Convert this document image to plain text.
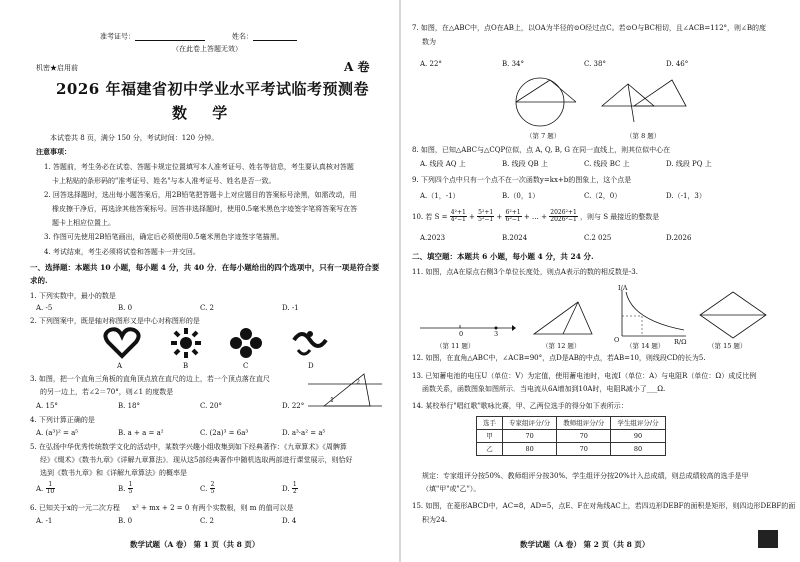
准考证号：	姓名：
（在此卷上答题无效）
机密★启用前	A 卷
2026 年福建省初中学业水平考试临考预测卷
数 学
本试卷共 8 页，满分 150 分，考试时间：120 分钟。
注意事项：
1. 答题前，考生务必在试卷、答题卡规定位置填写本人准考证号、姓名等信息，考生要认真核对答题
卡上粘贴的条形码的"准考证号、姓名"与本人准考证号、姓名是否一致。
2. 回答选择题时，选出每小题答案后，用2B铅笔把答题卡上对应题目的答案标号涂黑，如需改动，用
橡皮擦干净后，再选涂其他答案标号。回答非选择题时，使用0.5毫米黑色字迹签字笔将答案写在答
题卡上相应位置上。
3. 作图可先使用2B铅笔画出，确定后必须使用0.5毫米黑色字迹签字笔描黑。
4. 考试结束，考生必须将试卷和答题卡一并交回。
一、选择题：本题共 10 小题，每小题 4 分，共 40 分．在每小题给出的四个选项中，只有一项是符合要
求的.
1. 下列实数中，最小的数是
A. -5	B. 0	C. 2	D. -1
2. 下列图案中，既是轴对称图形又是中心对称图形的是
A	B	C	D
3. 如图，把一个直角三角板的直角顶点放在直尺的边上，若一个顶点落在直尺
的另一边上，若∠2＝70°，则∠1 的度数是
1
2
A. 15°	B. 18°	C. 20°	D. 22°
4. 下列计算正确的是
A. (a³)² = a⁵	B. a + a = a²	C. (2a)³ = 6a³	D. a³·a² = a⁵
5. 在弘扬中华优秀传统数学文化的活动中，某数学兴趣小组收集到如下经典著作：《九章算术》《周髀算
经》《缀术》《数书九章》《详解九章算法》．现从这5部经典著作中随机选取两部进行课堂展示，则恰好
选到《数书九章》和《详解九章算法》的概率是
A. $\frac{1}{10}$	B. $\frac{1}{5}$	C. $\frac{2}{5}$	D. $\frac{1}{2}$
6. 已知关于x的一元二次方程 x² + mx + 2 = 0 有两个实数根，则 m 的值可以是
A. -1	B. 0	C. 2	D. 4
数学试题（A 卷） 第 1 页（共 8 页）
7. 如图，在△ABC中，点O在AB上，以OA为半径的⊙O经过点C。若⊙O与BC相切，且∠ACB=112°，则∠B的度
数为
A. 22°	B. 34°	C. 38°	D. 46°
（第 7 题）	（第 8 题）
8. 如图，已知△ABC与△CQP位似，点 A, Q, B, G 在同一直线上，则其位似中心在
A. 线段 AQ 上	B. 线段 QB 上	C. 线段 BC 上	D. 线段 PQ 上
9. 下列四个点中只有一个点不在一次函数y=kx+b的图象上，这个点是
A.（1，-1）	B.（0，1）	C.（2，0）	D.（-1，3）
10. 若 $S = \frac{\text{4²+1}}{\text{4²−1}} + \frac{\text{5²+1}}{\text{5²−1}} + \frac{\text{6²+1}}{\text{6²−1}}$ + … + $\frac{\text{2026²+1}}{\text{2026²−1}}$ ，则与 S 最接近的整数是
A.2023	B.2024	C.2 025	D.2026
二、填空题：本题共 6 小题，每小题 4 分，共 24 分.
11. 如图，点A在原点右侧3个单位长度处，则点A表示的数的相反数是-3.
0	3
I/A
R/Ω
O
（第 11 题）	（第 12 题）	（第 14 题）	（第 15 题）
12. 如图，在直角△ABC中，∠ACB=90°，点D是AB的中点，若AB=10，则线段CD的长为5.
13. 已知蓄电池的电压U（单位：V）为定值，使用蓄电池时，电流I（单位：A）与电阻R（单位：Ω）成反比例
函数关系，函数图象如图所示．当电流从6A增加到10A时，电阻R减小了___Ω.
14. 某校举行"唱红歌"歌咏比赛，甲、乙两位选手的得分如下表所示：
选手	专家组评分/分	教师组评分/分	学生组评分/分
甲	70	70	90
乙	80	70	80
规定：专家组评分按50%、教师组评分按30%、学生组评分按20%计入总成绩，则总成绩较高的选手是甲
（填"甲"或"乙"）。
15. 如图，在菱形ABCD中，AC=8，AD=5，点E、F在对角线AC上，若四边形DEBF的面积是矩形，则四边形DEBF的面
积为24.
数学试题（A 卷） 第 2 页（共 8 页）
